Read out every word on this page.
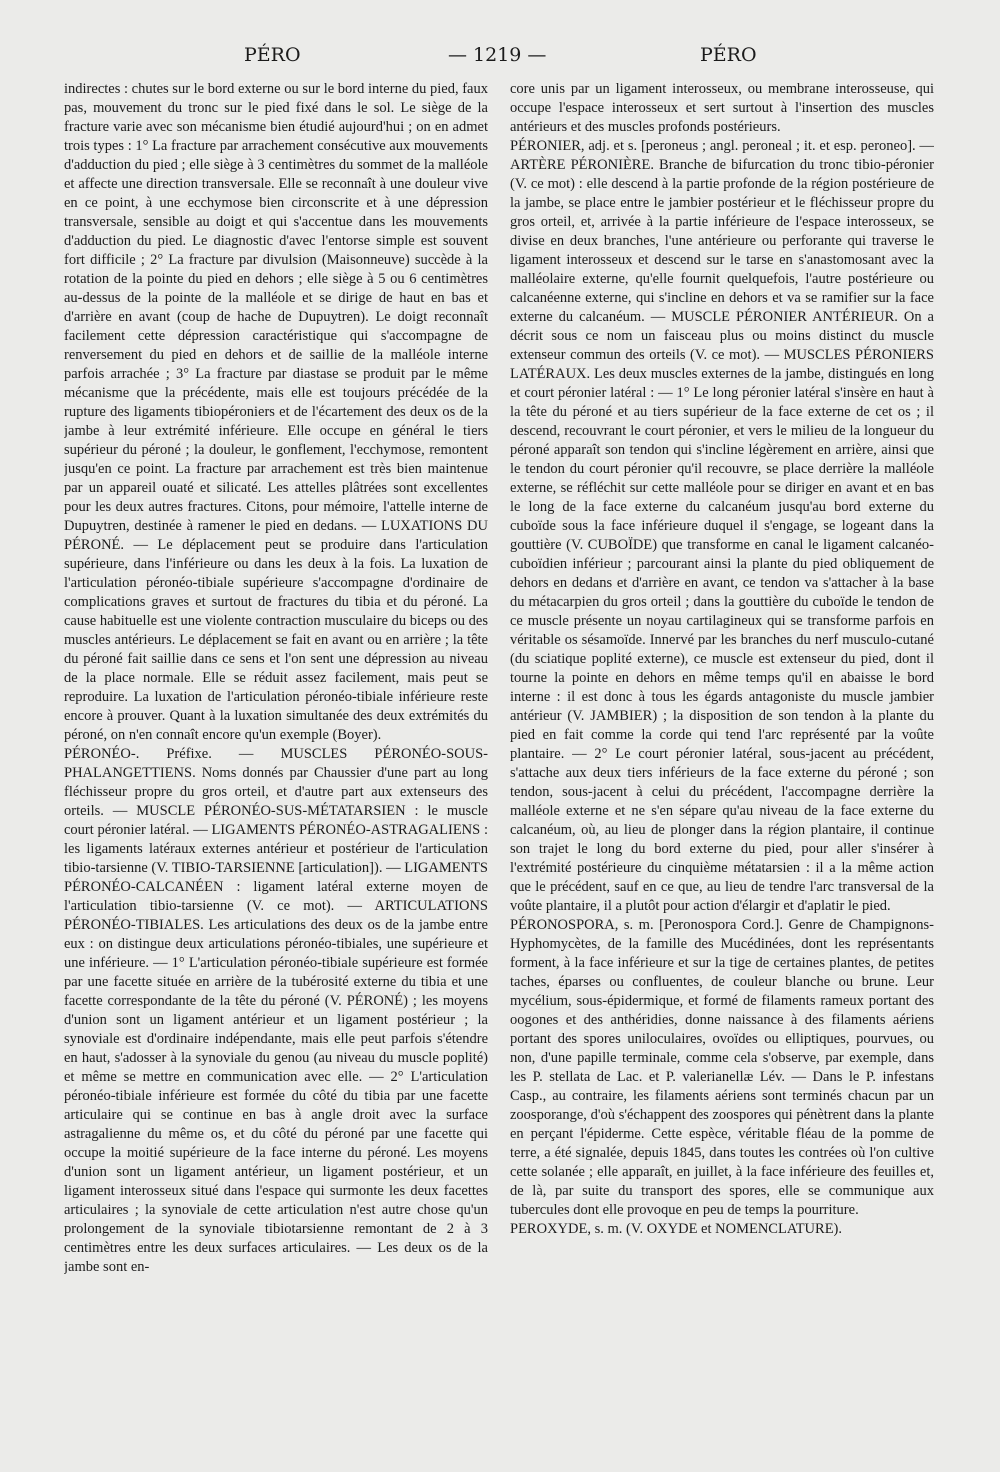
PÉRO	— 1219 —	PÉRO
indirectes : chutes sur le bord externe ou sur le bord interne du pied, faux pas, mouvement du tronc sur le pied fixé dans le sol. Le siège de la fracture varie avec son mécanisme bien étudié aujourd'hui ; on en admet trois types : 1° La fracture par arrachement consécutive aux mouvements d'adduction du pied ; elle siège à 3 centimètres du sommet de la malléole et affecte une direction transversale. Elle se reconnaît à une douleur vive en ce point, à une ecchymose bien circonscrite et à une dépression transversale, sensible au doigt et qui s'accentue dans les mouvements d'adduction du pied. Le diagnostic d'avec l'entorse simple est souvent fort difficile ; 2° La fracture par divulsion (Maisonneuve) succède à la rotation de la pointe du pied en dehors ; elle siège à 5 ou 6 centimètres au-dessus de la pointe de la malléole et se dirige de haut en bas et d'arrière en avant (coup de hache de Dupuytren). Le doigt reconnaît facilement cette dépression caractéristique qui s'accompagne de renversement du pied en dehors et de saillie de la malléole interne parfois arrachée ; 3° La fracture par diastase se produit par le même mécanisme que la précédente, mais elle est toujours précédée de la rupture des ligaments tibiopéroniers et de l'écartement des deux os de la jambe à leur extrémité inférieure. Elle occupe en général le tiers supérieur du péroné ; la douleur, le gonflement, l'ecchymose, remontent jusqu'en ce point. La fracture par arrachement est très bien maintenue par un appareil ouaté et silicaté. Les attelles plâtrées sont excellentes pour les deux autres fractures. Citons, pour mémoire, l'attelle interne de Dupuytren, destinée à ramener le pied en dedans. — LUXATIONS DU PÉRONÉ. — Le déplacement peut se produire dans l'articulation supérieure, dans l'inférieure ou dans les deux à la fois. La luxation de l'articulation péronéo-tibiale supérieure s'accompagne d'ordinaire de complications graves et surtout de fractures du tibia et du péroné. La cause habituelle est une violente contraction musculaire du biceps ou des muscles antérieurs. Le déplacement se fait en avant ou en arrière ; la tête du péroné fait saillie dans ce sens et l'on sent une dépression au niveau de la place normale. Elle se réduit assez facilement, mais peut se reproduire. La luxation de l'articulation péronéo-tibiale inférieure reste encore à prouver. Quant à la luxation simultanée des deux extrémités du péroné, on n'en connaît encore qu'un exemple (Boyer).
PÉRONÉO-. Préfixe. — MUSCLES PÉRONÉO-SOUS-PHALANGETTIENS. Noms donnés par Chaussier d'une part au long fléchisseur propre du gros orteil, et d'autre part aux extenseurs des orteils. — MUSCLE PÉRONÉO-SUS-MÉTATARSIEN : le muscle court péronier latéral. — LIGAMENTS PÉRONÉO-ASTRAGALIENS : les ligaments latéraux externes antérieur et postérieur de l'articulation tibio-tarsienne (V. TIBIO-TARSIENNE [articulation]). — LIGAMENTS PÉRONÉO-CALCANÉEN : ligament latéral externe moyen de l'articulation tibio-tarsienne (V. ce mot). — ARTICULATIONS PÉRONÉO-TIBIALES. Les articulations des deux os de la jambe entre eux : on distingue deux articulations péronéo-tibiales, une supérieure et une inférieure. — 1° L'articulation péronéo-tibiale supérieure est formée par une facette située en arrière de la tubérosité externe du tibia et une facette correspondante de la tête du péroné (V. PÉRONÉ) ; les moyens d'union sont un ligament antérieur et un ligament postérieur ; la synoviale est d'ordinaire indépendante, mais elle peut parfois s'étendre en haut, s'adosser à la synoviale du genou (au niveau du muscle poplité) et même se mettre en communication avec elle. — 2° L'articulation péronéo-tibiale inférieure est formée du côté du tibia par une facette articulaire qui se continue en bas à angle droit avec la surface astragalienne du même os, et du côté du péroné par une facette qui occupe la moitié supérieure de la face interne du péroné. Les moyens d'union sont un ligament antérieur, un ligament postérieur, et un ligament interosseux situé dans l'espace qui surmonte les deux facettes articulaires ; la synoviale de cette articulation n'est autre chose qu'un prolongement de la synoviale tibiotarsienne remontant de 2 à 3 centimètres entre les deux surfaces articulaires. — Les deux os de la jambe sont en-
core unis par un ligament interosseux, ou membrane interosseuse, qui occupe l'espace interosseux et sert surtout à l'insertion des muscles antérieurs et des muscles profonds postérieurs.
PÉRONIER, adj. et s. [peroneus ; angl. peroneal ; it. et esp. peroneo]. — ARTÈRE PÉRONIÈRE. Branche de bifurcation du tronc tibio-péronier (V. ce mot) : elle descend à la partie profonde de la région postérieure de la jambe, se place entre le jambier postérieur et le fléchisseur propre du gros orteil, et, arrivée à la partie inférieure de l'espace interosseux, se divise en deux branches, l'une antérieure ou perforante qui traverse le ligament interosseux et descend sur le tarse en s'anastomosant avec la malléolaire externe, qu'elle fournit quelquefois, l'autre postérieure ou calcanéenne externe, qui s'incline en dehors et va se ramifier sur la face externe du calcanéum. — MUSCLE PÉRONIER ANTÉRIEUR. On a décrit sous ce nom un faisceau plus ou moins distinct du muscle extenseur commun des orteils (V. ce mot). — MUSCLES PÉRONIERS LATÉRAUX. Les deux muscles externes de la jambe, distingués en long et court péronier latéral : — 1° Le long péronier latéral s'insère en haut à la tête du péroné et au tiers supérieur de la face externe de cet os ; il descend, recouvrant le court péronier, et vers le milieu de la longueur du péroné apparaît son tendon qui s'incline légèrement en arrière, ainsi que le tendon du court péronier qu'il recouvre, se place derrière la malléole externe, se réfléchit sur cette malléole pour se diriger en avant et en bas le long de la face externe du calcanéum jusqu'au bord externe du cuboïde sous la face inférieure duquel il s'engage, se logeant dans la gouttière (V. CUBOÏDE) que transforme en canal le ligament calcanéo-cuboïdien inférieur ; parcourant ainsi la plante du pied obliquement de dehors en dedans et d'arrière en avant, ce tendon va s'attacher à la base du métacarpien du gros orteil ; dans la gouttière du cuboïde le tendon de ce muscle présente un noyau cartilagineux qui se transforme parfois en véritable os sésamoïde. Innervé par les branches du nerf musculo-cutané (du sciatique poplité externe), ce muscle est extenseur du pied, dont il tourne la pointe en dehors en même temps qu'il en abaisse le bord interne : il est donc à tous les égards antagoniste du muscle jambier antérieur (V. JAMBIER) ; la disposition de son tendon à la plante du pied en fait comme la corde qui tend l'arc représenté par la voûte plantaire. — 2° Le court péronier latéral, sous-jacent au précédent, s'attache aux deux tiers inférieurs de la face externe du péroné ; son tendon, sous-jacent à celui du précédent, l'accompagne derrière la malléole externe et ne s'en sépare qu'au niveau de la face externe du calcanéum, où, au lieu de plonger dans la région plantaire, il continue son trajet le long du bord externe du pied, pour aller s'insérer à l'extrémité postérieure du cinquième métatarsien : il a la même action que le précédent, sauf en ce que, au lieu de tendre l'arc transversal de la voûte plantaire, il a plutôt pour action d'élargir et d'aplatir le pied.
PÉRONOSPORA, s. m. [Peronospora Cord.]. Genre de Champignons-Hyphomycètes, de la famille des Mucédinées, dont les représentants forment, à la face inférieure et sur la tige de certaines plantes, de petites taches, éparses ou confluentes, de couleur blanche ou brune. Leur mycélium, sous-épidermique, et formé de filaments rameux portant des oogones et des anthéridies, donne naissance à des filaments aériens portant des spores uniloculaires, ovoïdes ou elliptiques, pourvues, ou non, d'une papille terminale, comme cela s'observe, par exemple, dans les P. stellata de Lac. et P. valerianellæ Lév. — Dans le P. infestans Casp., au contraire, les filaments aériens sont terminés chacun par un zoosporange, d'où s'échappent des zoospores qui pénètrent dans la plante en perçant l'épiderme. Cette espèce, véritable fléau de la pomme de terre, a été signalée, depuis 1845, dans toutes les contrées où l'on cultive cette solanée ; elle apparaît, en juillet, à la face inférieure des feuilles et, de là, par suite du transport des spores, elle se communique aux tubercules dont elle provoque en peu de temps la pourriture.
PEROXYDE, s. m. (V. OXYDE et NOMENCLATURE).
